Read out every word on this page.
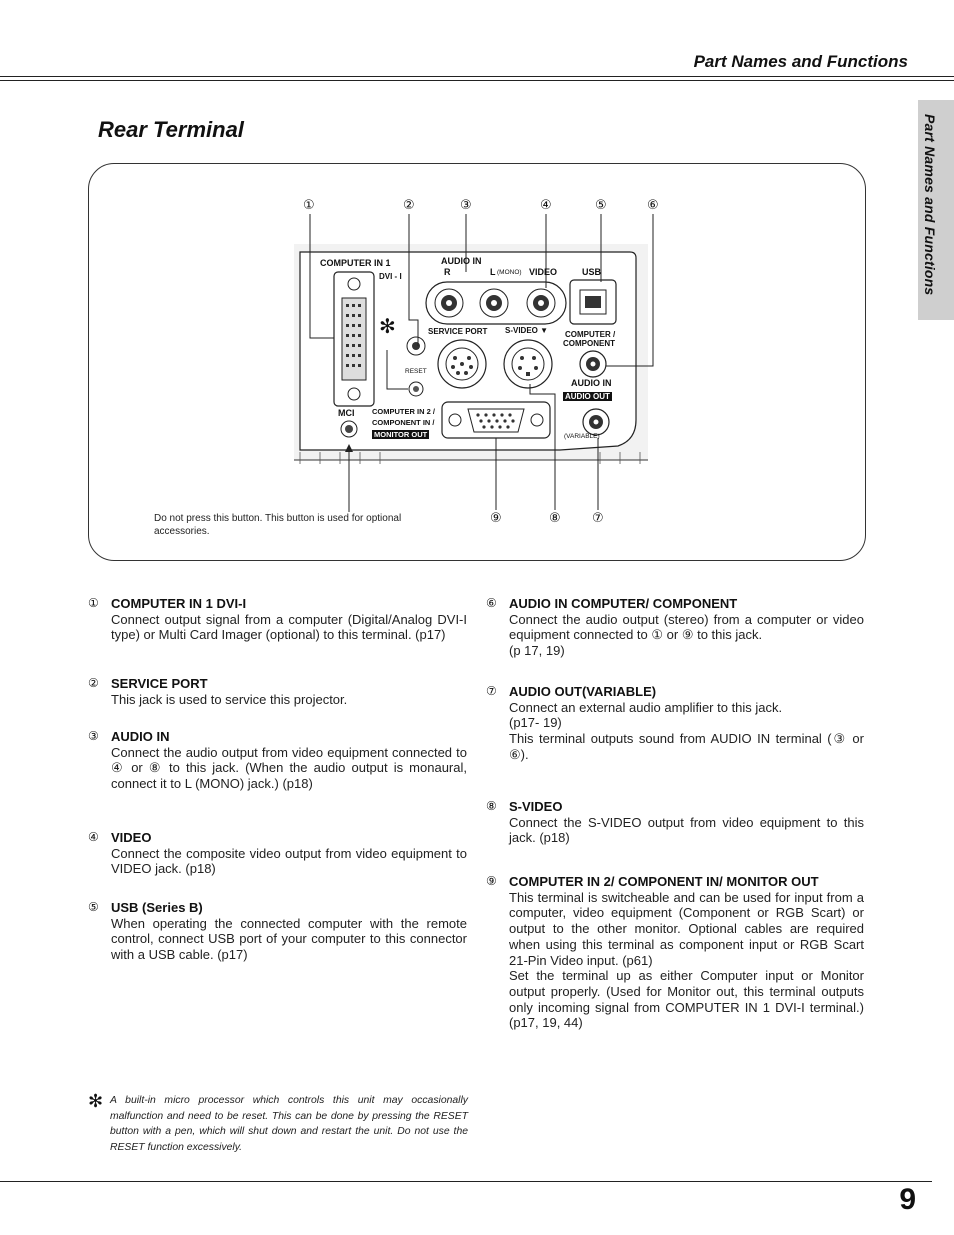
Part Names and Functions
Part Names and Functions
Rear Terminal
①	②	③	④	⑤	⑥
⑨	⑧ ⑦
COMPUTER IN 1
DVI - I
AUDIO IN
R	L (MONO) VIDEO	USB
SERVICE PORT S-VIDEO ▼ COMPUTER /
COMPONENT
AUDIO IN
AUDIO OUT
(VARIABLE)
RESET
MCI COMPUTER IN 2 /
COMPONENT IN /
MONITOR OUT
✻
Do not press this button. This button is used for optional accessories.
① COMPUTER IN 1 DVI-I
Connect output signal from a computer (Digital/Analog DVI-I type) or Multi Card Imager (optional) to this terminal. (p17)
② SERVICE PORT
This jack is used to service this projector.
③ AUDIO IN
Connect the audio output from video equipment connected to ④ or ⑧ to this jack. (When the audio output is monaural, connect it to L (MONO) jack.) (p18)
④ VIDEO
Connect the composite video output from video equipment to VIDEO jack. (p18)
⑤ USB (Series B)
When operating the connected computer with the remote control, connect USB port of your computer to this connector with a USB cable. (p17)
⑥ AUDIO IN COMPUTER/ COMPONENT
Connect the audio output (stereo) from a computer or video equipment connected to ① or ⑨ to this jack.
(p 17, 19)
⑦ AUDIO OUT(VARIABLE)
Connect an external audio amplifier to this jack.
(p17- 19)
This terminal outputs sound from AUDIO IN terminal (③ or ⑥).
⑧ S-VIDEO
Connect the S-VIDEO output from video equipment to this jack. (p18)
⑨ COMPUTER IN 2/ COMPONENT IN/ MONITOR OUT
This terminal is switcheable and can be used for input from a computer, video equipment (Component or RGB Scart) or output to the other monitor. Optional cables are required when using this terminal as component input or RGB Scart 21-Pin Video input. (p61)
Set the terminal up as either Computer input or Monitor output properly. (Used for Monitor out, this terminal outputs only incoming signal from COMPUTER IN 1 DVI-I terminal.) (p17, 19, 44)
✻ A built-in micro processor which controls this unit may occasionally malfunction and need to be reset. This can be done by pressing the RESET button with a pen, which will shut down and restart the unit. Do not use the RESET function excessively.
9
